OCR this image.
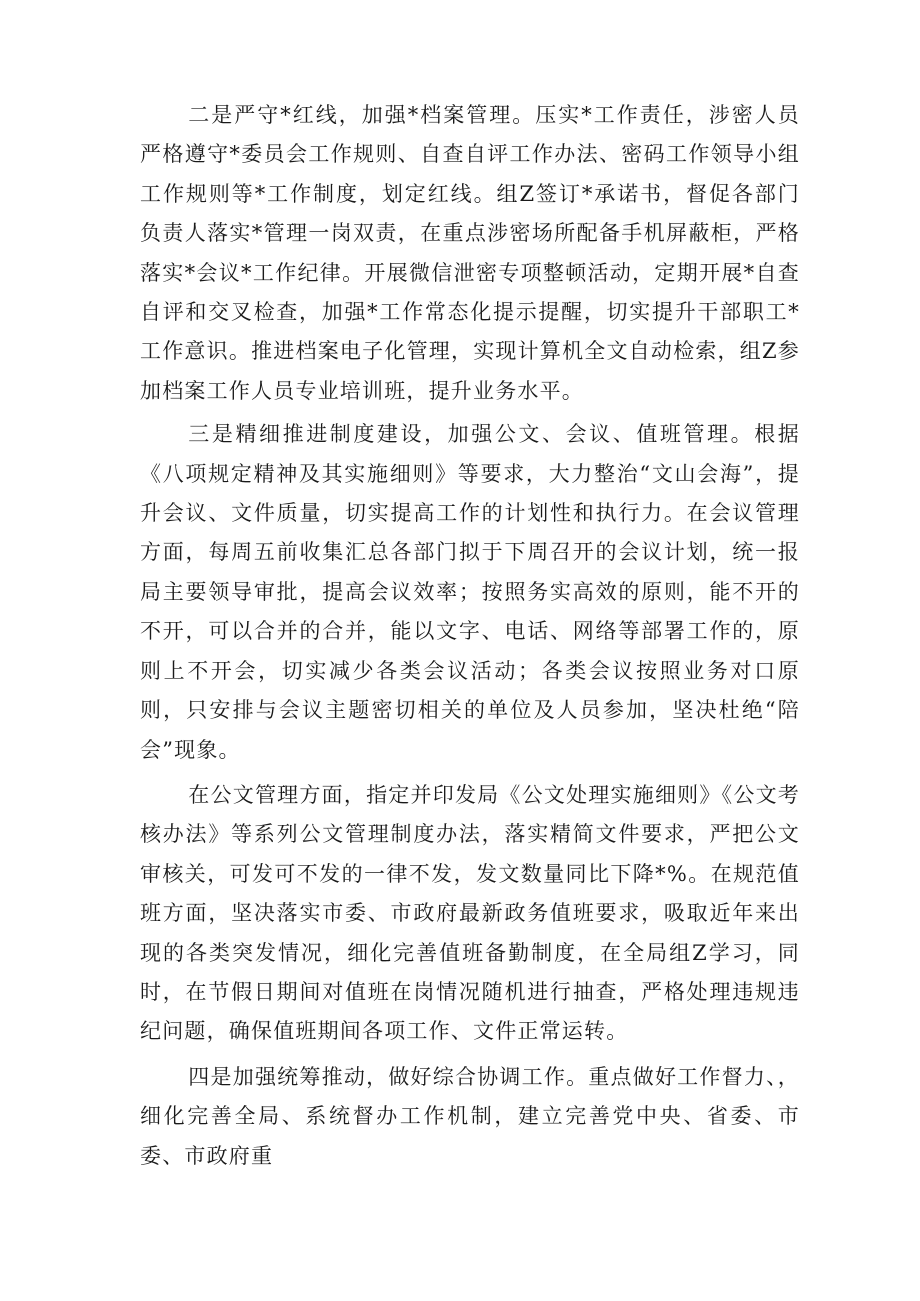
二是严守*红线，加强*档案管理。压实*工作责任，涉密人员严格遵守*委员会工作规则、自查自评工作办法、密码工作领导小组工作规则等*工作制度，划定红线。组Z签订*承诺书，督促各部门负责人落实*管理一岗双责，在重点涉密场所配备手机屏蔽柜，严格落实*会议*工作纪律。开展微信泄密专项整顿活动，定期开展*自查自评和交叉检查，加强*工作常态化提示提醒，切实提升干部职工*工作意识。推进档案电子化管理，实现计算机全文自动检索，组Z参加档案工作人员专业培训班，提升业务水平。

三是精细推进制度建设，加强公文、会议、值班管理。根据《八项规定精神及其实施细则》等要求，大力整治“文山会海”，提升会议、文件质量，切实提高工作的计划性和执行力。在会议管理方面，每周五前收集汇总各部门拟于下周召开的会议计划，统一报局主要领导审批，提高会议效率；按照务实高效的原则，能不开的不开，可以合并的合并，能以文字、电话、网络等部署工作的，原则上不开会，切实减少各类会议活动；各类会议按照业务对口原则，只安排与会议主题密切相关的单位及人员参加，坚决杜绝“陪会”现象。

在公文管理方面，指定并印发局《公文处理实施细则》《公文考核办法》等系列公文管理制度办法，落实精简文件要求，严把公文审核关，可发可不发的一律不发，发文数量同比下降*%。在规范值班方面，坚决落实市委、市政府最新政务值班要求，吸取近年来出现的各类突发情况，细化完善值班备勤制度，在全局组Z学习，同时，在节假日期间对值班在岗情况随机进行抽查，严格处理违规违纪问题，确保值班期间各项工作、文件正常运转。

四是加强统筹推动，做好综合协调工作。重点做好工作督力、，细化完善全局、系统督办工作机制，建立完善党中央、省委、市委、市政府重
